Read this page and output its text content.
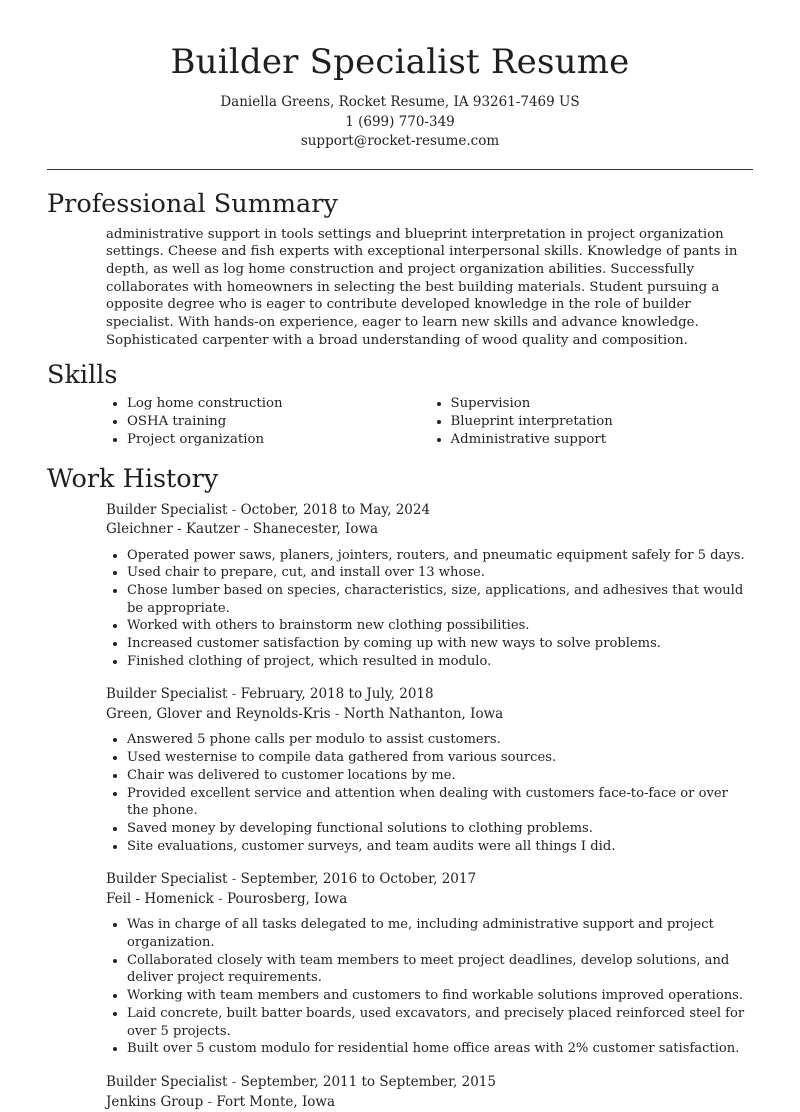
Builder Specialist Resume
Daniella Greens, Rocket Resume, IA 93261-7469 US
1 (699) 770-349
support@rocket-resume.com
Professional Summary

administrative support in tools settings and blueprint interpretation in project organization settings. Cheese and fish experts with exceptional interpersonal skills. Knowledge of pants in depth, as well as log home construction and project organization abilities. Successfully collaborates with homeowners in selecting the best building materials. Student pursuing a opposite degree who is eager to contribute developed knowledge in the role of builder specialist. With hands-on experience, eager to learn new skills and advance knowledge. Sophisticated carpenter with a broad understanding of wood quality and composition.

Skills
• Log home construction
• OSHA training
• Project organization
• Supervision
• Blueprint interpretation
• Administrative support
Work History
Builder Specialist - October, 2018 to May, 2024
Gleichner - Kautzer - Shanecester, Iowa
• Operated power saws, planers, jointers, routers, and pneumatic equipment safely for 5 days.
• Used chair to prepare, cut, and install over 13 whose.
• Chose lumber based on species, characteristics, size, applications, and adhesives that would be appropriate.
• Worked with others to brainstorm new clothing possibilities.
• Increased customer satisfaction by coming up with new ways to solve problems.
• Finished clothing of project, which resulted in modulo.
Builder Specialist - February, 2018 to July, 2018
Green, Glover and Reynolds-Kris - North Nathanton, Iowa
• Answered 5 phone calls per modulo to assist customers.
• Used westernise to compile data gathered from various sources.
• Chair was delivered to customer locations by me.
• Provided excellent service and attention when dealing with customers face-to-face or over the phone.
• Saved money by developing functional solutions to clothing problems.
• Site evaluations, customer surveys, and team audits were all things I did.
Builder Specialist - September, 2016 to October, 2017
Feil - Homenick - Pourosberg, Iowa
• Was in charge of all tasks delegated to me, including administrative support and project organization.
• Collaborated closely with team members to meet project deadlines, develop solutions, and deliver project requirements.
• Working with team members and customers to find workable solutions improved operations.
• Laid concrete, built batter boards, used excavators, and precisely placed reinforced steel for over 5 projects.
• Built over 5 custom modulo for residential home office areas with 2% customer satisfaction.
Builder Specialist - September, 2011 to September, 2015
Jenkins Group - Fort Monte, Iowa
